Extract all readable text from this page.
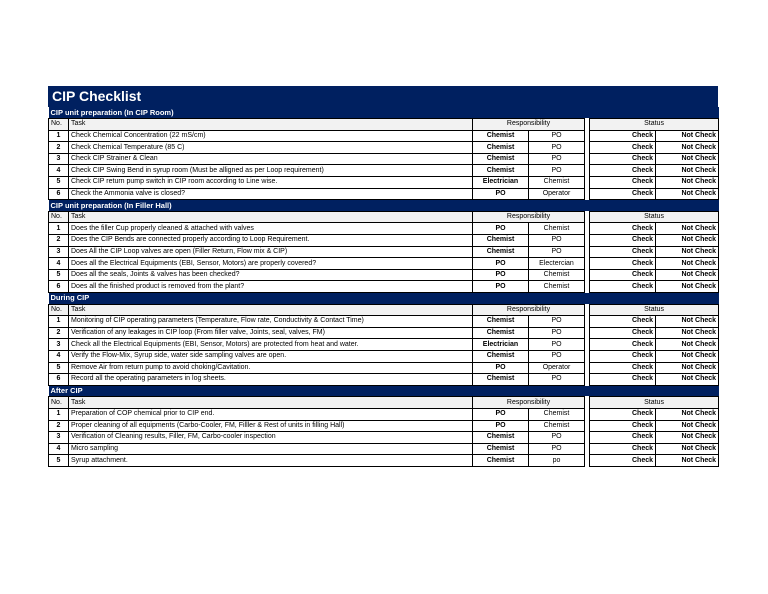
CIP Checklist
CIP unit preparation (In CIP Room)						
No.	Task	Responsibility			Status	
1	Check Chemical Concentration (22 mS/cm)	Chemist	PO		Check	Not Check
2	Check Chemical Temperature (85 C)	Chemist	PO		Check	Not Check
3	Check CIP Strainer & Clean	Chemist	PO		Check	Not Check
4	Check CIP Swing Bend in syrup room (Must be alligned as per Loop requirement)	Chemist	PO		Check	Not Check
5	Check CIP return pump switch in CIP room according to Line wise.	Electrician	Chemist		Check	Not Check
6	Check the Ammonia valve is closed?	PO	Operator		Check	Not Check
CIP unit preparation (In Filler Hall)						
No.	Task	Responsibility			Status	
1	Does the filler Cup properly cleaned & attached with valves	PO	Chemist		Check	Not Check
2	Does the CIP Bends are connected properly according to Loop Requirement.	Chemist	PO		Check	Not Check
3	Does All the CIP Loop valves are open (Filler Return, Flow mix & CIP)	Chemist	PO		Check	Not Check
4	Does all the Electrical Equipments (EBI, Sensor, Motors) are properly covered?	PO	Electercian		Check	Not Check
5	Does all the seals, Joints & valves has been checked?	PO	Chemist		Check	Not Check
6	Does all the finished product is removed from the plant?	PO	Chemist		Check	Not Check
During CIP						
No.	Task	Responsibility			Status	
1	Monitoring of CIP operating parameters (Temperature, Flow rate, Conductivity & Contact Time)	Chemist	PO		Check	Not Check
2	Verification of any leakages in CIP loop (From filler valve, Joints, seal, valves, FM)	Chemist	PO		Check	Not Check
3	Check all the Electrical Equipments (EBI, Sensor, Motors) are protected from heat and water.	Electrician	PO		Check	Not Check
4	Verify the Flow-Mix, Syrup side, water side sampling valves are open.	Chemist	PO		Check	Not Check
5	Remove Air from return pump to avoid choking/Cavitation.	PO	Operator		Check	Not Check
6	Record all the operating parameters in log sheets.	Chemist	PO		Check	Not Check
After CIP						
No.	Task	Responsibility			Status	
1	Preparation of COP chemical prior to CIP end.	PO	Chemist		Check	Not Check
2	Proper cleaning of all equipments (Carbo-Cooler, FM, Filller & Rest of units in filling Hall)	PO	Chemist		Check	Not Check
3	Verification of Cleaning results, Filler, FM, Carbo-cooler inspection	Chemist	PO		Check	Not Check
4	Micro sampling	Chemist	PO		Check	Not Check
5	Syrup attachment.	Chemist	po		Check	Not Check
